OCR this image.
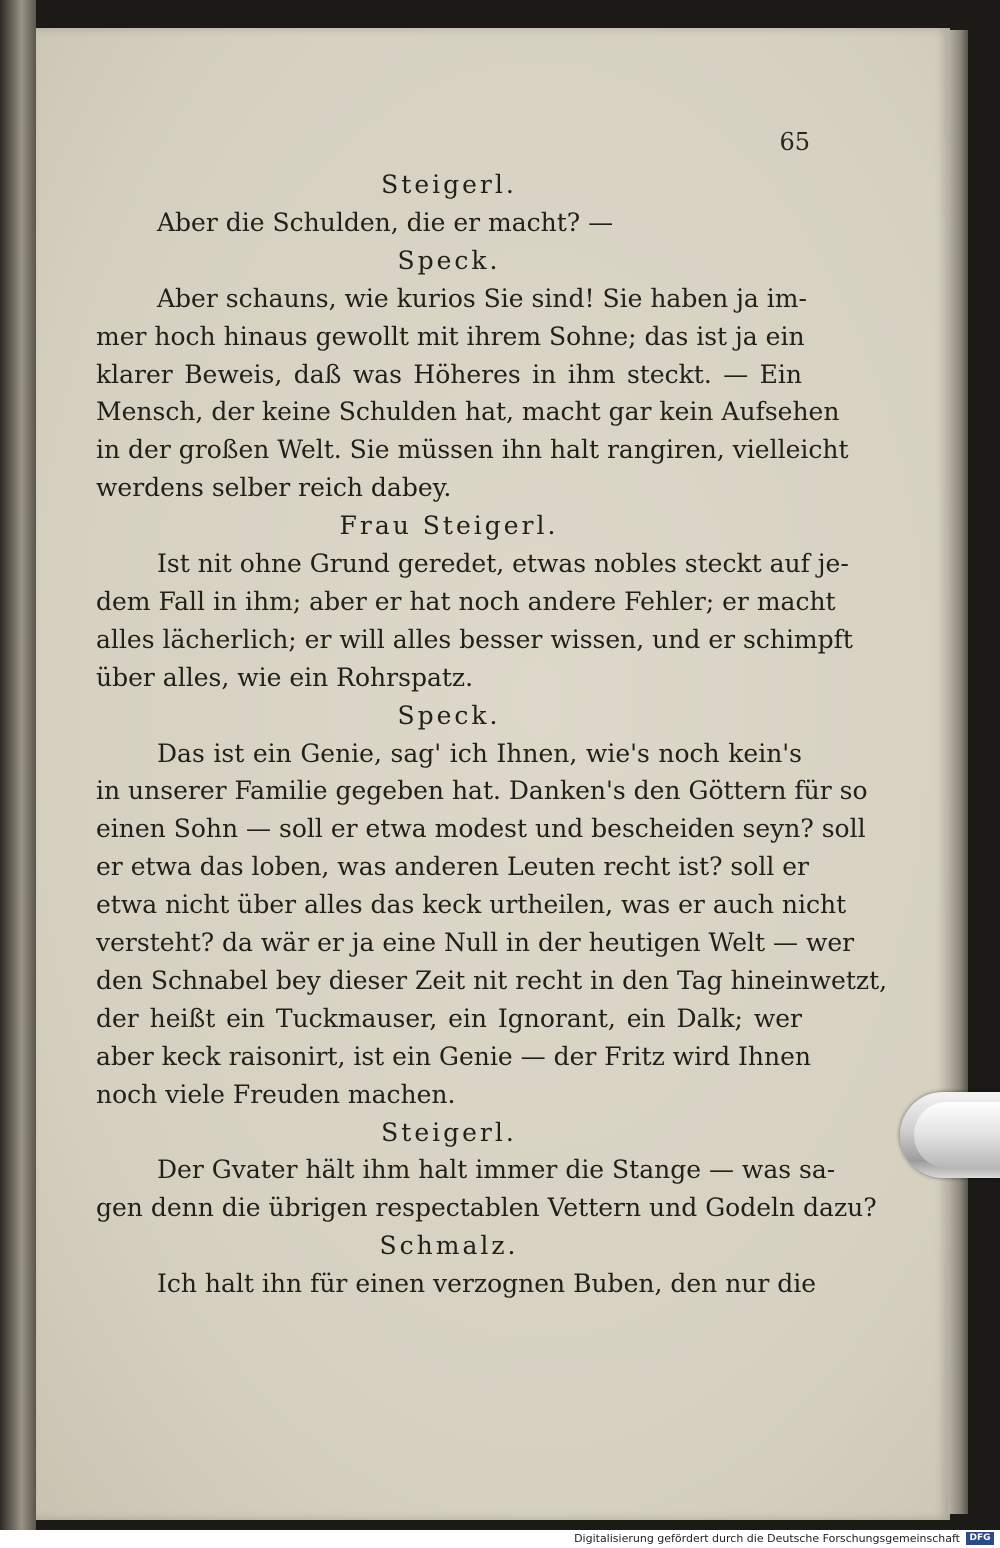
65
Steigerl.
Aber die Schulden, die er macht? —
Speck.
Aber schauns, wie kurios Sie sind! Sie haben ja im-
mer hoch hinaus gewollt mit ihrem Sohne; das ist ja ein
klarer Beweis, daß was Höheres in ihm steckt. — Ein
Mensch, der keine Schulden hat, macht gar kein Aufsehen
in der großen Welt. Sie müssen ihn halt rangiren, vielleicht
werdens selber reich dabey.
Frau Steigerl.
Ist nit ohne Grund geredet, etwas nobles steckt auf je-
dem Fall in ihm; aber er hat noch andere Fehler; er macht
alles lächerlich; er will alles besser wissen, und er schimpft
über alles, wie ein Rohrspatz.
Speck.
Das ist ein Genie, sag' ich Ihnen, wie's noch kein's
in unserer Familie gegeben hat. Danken's den Göttern für so
einen Sohn — soll er etwa modest und bescheiden seyn? soll
er etwa das loben, was anderen Leuten recht ist? soll er
etwa nicht über alles das keck urtheilen, was er auch nicht
versteht? da wär er ja eine Null in der heutigen Welt — wer
den Schnabel bey dieser Zeit nit recht in den Tag hineinwetzt,
der heißt ein Tuckmauser, ein Ignorant, ein Dalk; wer
aber keck raisonirt, ist ein Genie — der Fritz wird Ihnen
noch viele Freuden machen.
Steigerl.
Der Gvater hält ihm halt immer die Stange — was sa-
gen denn die übrigen respectablen Vettern und Godeln dazu?
Schmalz.
Ich halt ihn für einen verzognen Buben, den nur die
Digitalisierung gefördert durch die Deutsche Forschungsgemeinschaft	DFG
